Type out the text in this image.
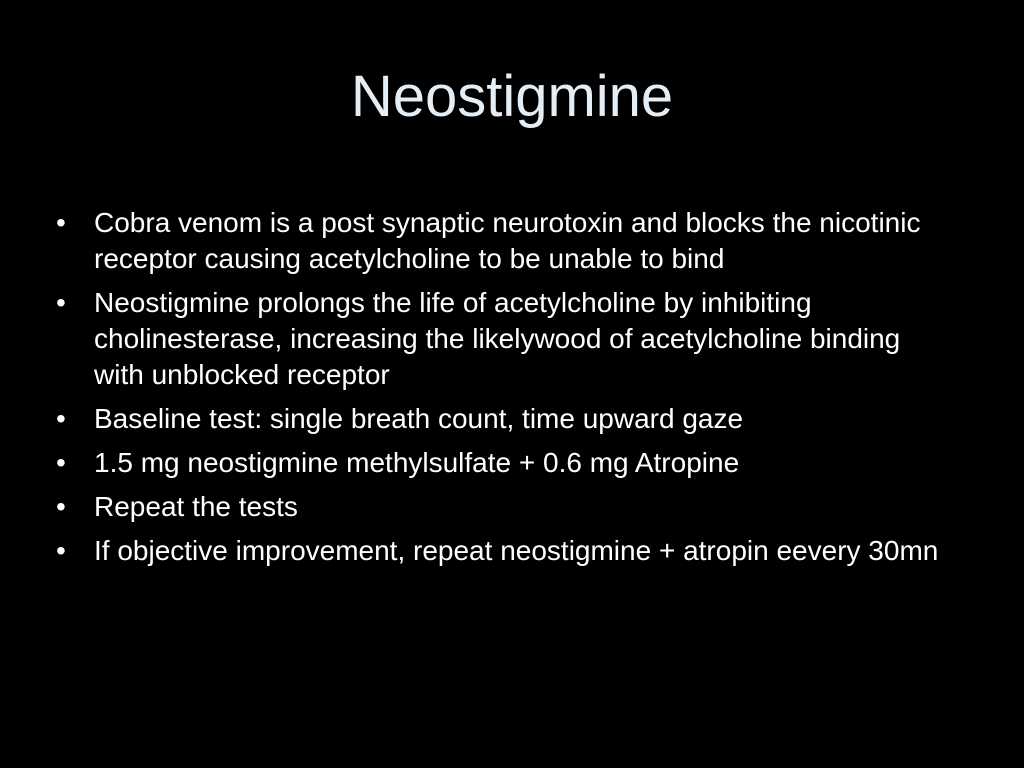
Neostigmine
•	Cobra venom is a post synaptic neurotoxin and blocks the nicotinic receptor causing acetylcholine to be unable to bind
•	Neostigmine prolongs the life of acetylcholine by inhibiting cholinesterase, increasing the likelywood of acetylcholine binding with unblocked receptor
•	Baseline test: single breath count, time upward gaze
•	1.5 mg neostigmine methylsulfate + 0.6 mg Atropine
•	Repeat the tests
•	If objective improvement, repeat neostigmine + atropin eevery 30mn
